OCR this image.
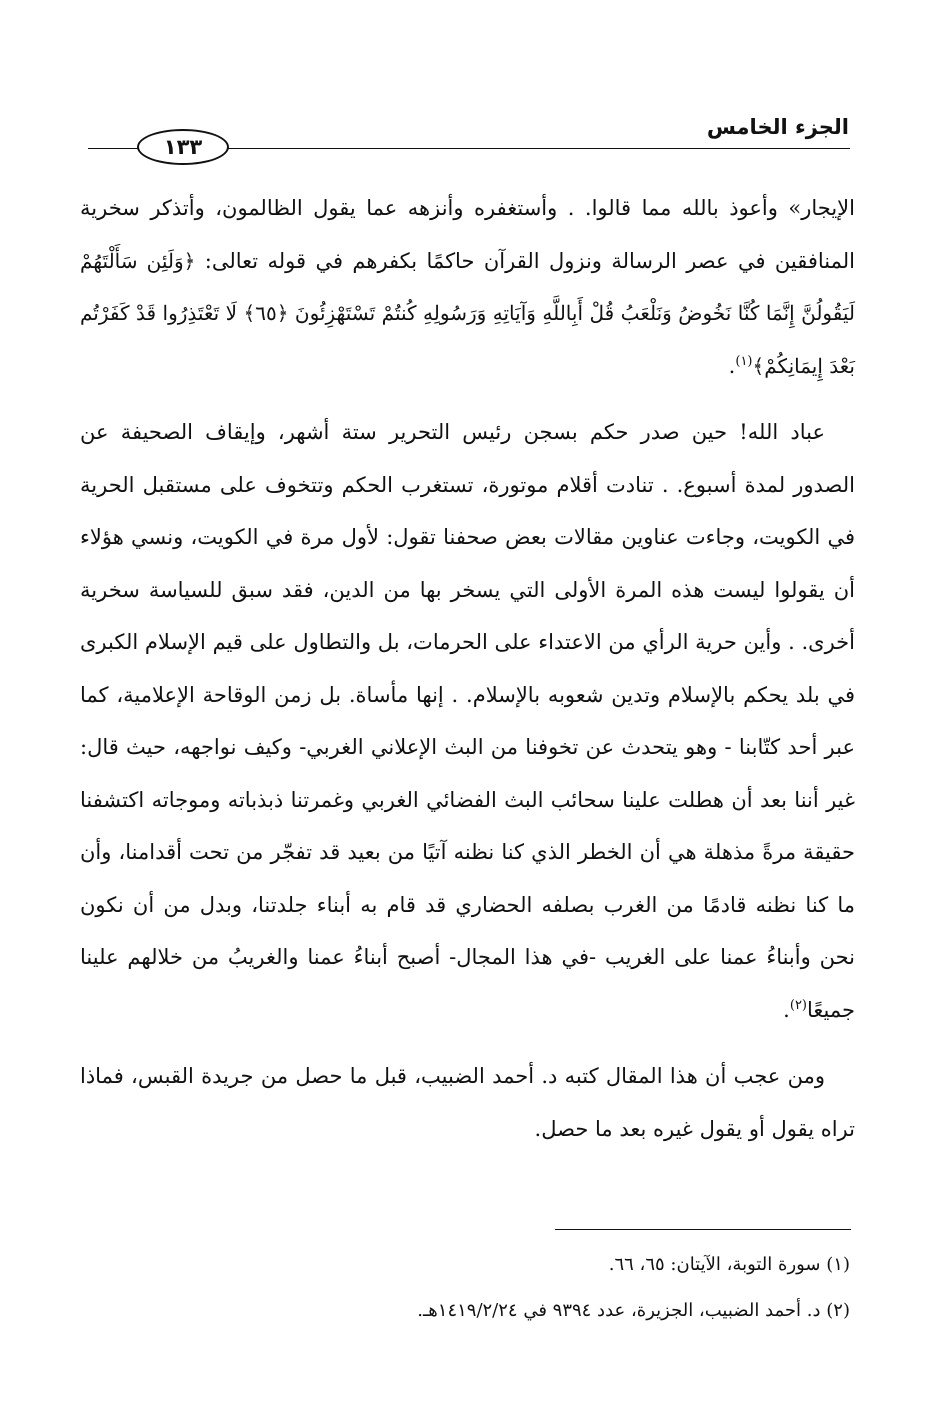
الجزء الخامس
١٣٣

الإيجار» وأعوذ بالله مما قالوا. . وأستغفره وأنزهه عما يقول الظالمون، وأتذكر سخرية المنافقين في عصر الرسالة ونزول القرآن حاكمًا بكفرهم في قوله تعالى: ﴿وَلَئِن سَأَلْتَهُمْ لَيَقُولُنَّ إِنَّمَا كُنَّا نَخُوضُ وَنَلْعَبُ قُلْ أَبِاللَّهِ وَآيَاتِهِ وَرَسُولِهِ كُنتُمْ تَسْتَهْزِئُونَ ﴿٦٥﴾ لَا تَعْتَذِرُوا قَدْ كَفَرْتُم بَعْدَ إِيمَانِكُمْ﴾$^{(١)}$.

عباد الله! حين صدر حكم بسجن رئيس التحرير ستة أشهر، وإيقاف الصحيفة عن الصدور لمدة أسبوع. . تنادت أقلام موتورة، تستغرب الحكم وتتخوف على مستقبل الحرية في الكويت، وجاءت عناوين مقالات بعض صحفنا تقول: لأول مرة في الكويت، ونسي هؤلاء أن يقولوا ليست هذه المرة الأولى التي يسخر بها من الدين، فقد سبق للسياسة سخرية أخرى. . وأين حرية الرأي من الاعتداء على الحرمات، بل والتطاول على قيم الإسلام الكبرى في بلد يحكم بالإسلام وتدين شعوبه بالإسلام. . إنها مأساة. بل زمن الوقاحة الإعلامية، كما عبر أحد كتّابنا - وهو يتحدث عن تخوفنا من البث الإعلاني الغربي- وكيف نواجهه، حيث قال: غير أننا بعد أن هطلت علينا سحائب البث الفضائي الغربي وغمرتنا ذبذباته وموجاته اكتشفنا حقيقة مرةً مذهلة هي أن الخطر الذي كنا نظنه آتيًا من بعيد قد تفجّر من تحت أقدامنا، وأن ما كنا نظنه قادمًا من الغرب بصلفه الحضاري قد قام به أبناء جلدتنا، وبدل من أن نكون نحن وأبناءُ عمنا على الغريب -في هذا المجال- أصبح أبناءُ عمنا والغريبُ من خلالهم علينا جميعًا$^{(٢)}$.

ومن عجب أن هذا المقال كتبه د. أحمد الضبيب، قبل ما حصل من جريدة القبس، فماذا تراه يقول أو يقول غيره بعد ما حصل.

(١) سورة التوبة، الآيتان: ٦٥، ٦٦.

(٢) د. أحمد الضبيب، الجزيرة، عدد ٩٣٩٤ في ١٤١٩/٢/٢٤هـ.
